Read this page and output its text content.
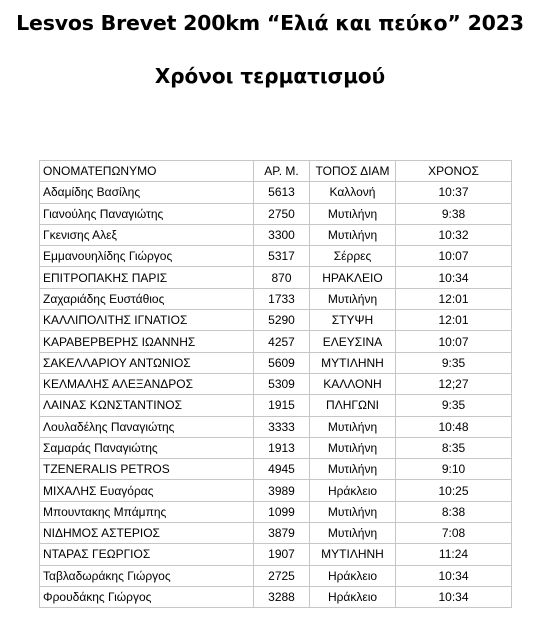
Lesvos Brevet 200km “Ελιά και πεύκο” 2023
Χρόνοι τερματισμού
ΟΝΟΜΑΤΕΠΩΝΥΜΟ	ΑΡ. Μ.	ΤΟΠΟΣ ΔΙΑΜ	ΧΡΟΝΟΣ
Αδαμίδης Βασίλης	5613	Καλλονή	10:37
Γιανούλης Παναγιώτης	2750	Μυτιλήνη	9:38
Γκενισης Αλεξ	3300	Μυτιλήνη	10:32
Εμμανουηλίδης Γιώργος	5317	Σέρρες	10:07
ΕΠΙΤΡΟΠΑΚΗΣ ΠΑΡΙΣ	870	ΗΡΑΚΛΕΙΟ	10:34
Ζαχαριάδης Ευστάθιος	1733	Μυτιλήνη	12:01
ΚΑΛΛΙΠΟΛΙΤΗΣ ΙΓΝΑΤΙΟΣ	5290	ΣΤΥΨΗ	12:01
ΚΑΡΑΒΕΡΒΕΡΗΣ ΙΩΑΝΝΗΣ	4257	ΕΛΕΥΣΙΝΑ	10:07
ΣΑΚΕΛΛΑΡΙΟΥ ΑΝΤΩΝΙΟΣ	5609	ΜΥΤΙΛΗΝΗ	9:35
ΚΕΛΜΑΛΗΣ ΑΛΕΞΑΝΔΡΟΣ	5309	ΚΑΛΛΟΝΗ	12;27
ΛΑΙΝΑΣ ΚΩΝΣΤΑΝΤΙΝΟΣ	1915	ΠΛΗΓΩΝΙ	9:35
Λουλαδέλης Παναγιώτης	3333	Μυτιλήνη	10:48
Σαμαράς Παναγιώτης	1913	Μυτιλήνη	8:35
TZENERALIS PETROS	4945	Μυτιλήνη	9:10
ΜΙΧΑΛΗΣ Ευαγόρας	3989	Ηράκλειο	10:25
Μπουντακης Μπάμπης	1099	Μυτιλήνη	8:38
ΝΙΔΗΜΟΣ ΑΣΤΕΡΙΟΣ	3879	Μυτιλήνη	7:08
ΝΤΑΡΑΣ ΓΕΩΡΓΙΟΣ	1907	ΜΥΤΙΛΗΝΗ	11:24
Ταβλαδωράκης Γιώργος	2725	Ηράκλειο	10:34
Φρουδάκης Γιώργος	3288	Ηράκλειο	10:34
